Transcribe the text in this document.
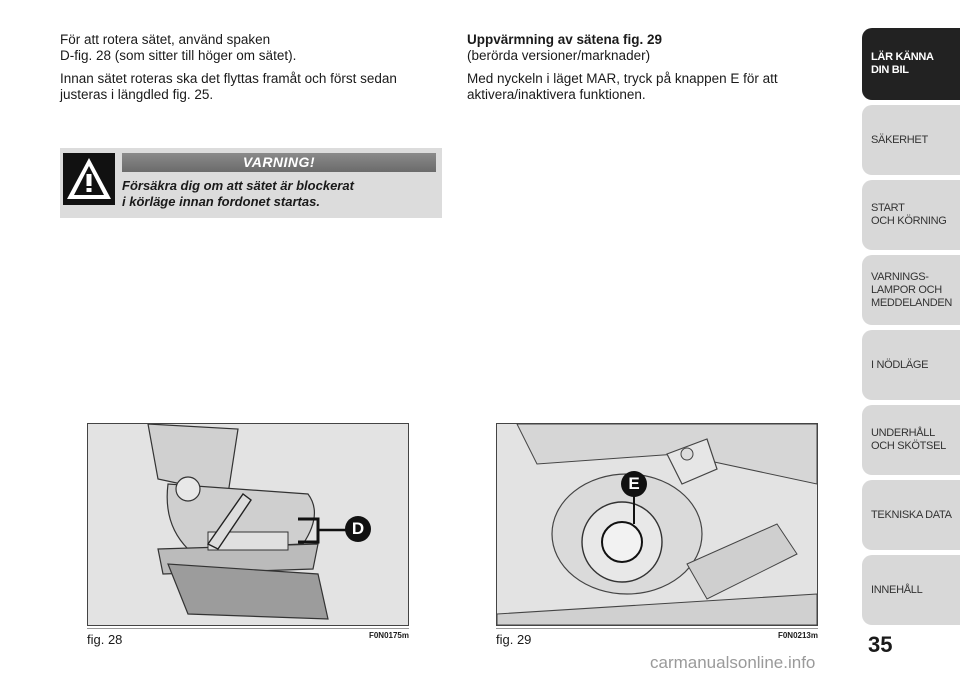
För att rotera sätet, använd spaken
D-fig. 28 (som sitter till höger om sätet).

Innan sätet roteras ska det flyttas framåt och först sedan
justeras i längdled fig. 25.

Uppvärmning av sätena fig. 29

(berörda versioner/marknader)

Med nyckeln i läget MAR, tryck på knappen E för att
aktivera/inaktivera funktionen.

VARNING!
Försäkra dig om att sätet är blockerat
i körläge innan fordonet startas.
D
fig. 28	F0N0175m
E
fig. 29	F0N0213m
LÄR KÄNNA
DIN BIL
SÄKERHET
START
OCH KÖRNING
VARNINGS-
LAMPOR OCH
MEDDELANDEN
I NÖDLÄGE
UNDERHÅLL
OCH SKÖTSEL
TEKNISKA DATA
INNEHÅLL
35
carmanualsonline.info
